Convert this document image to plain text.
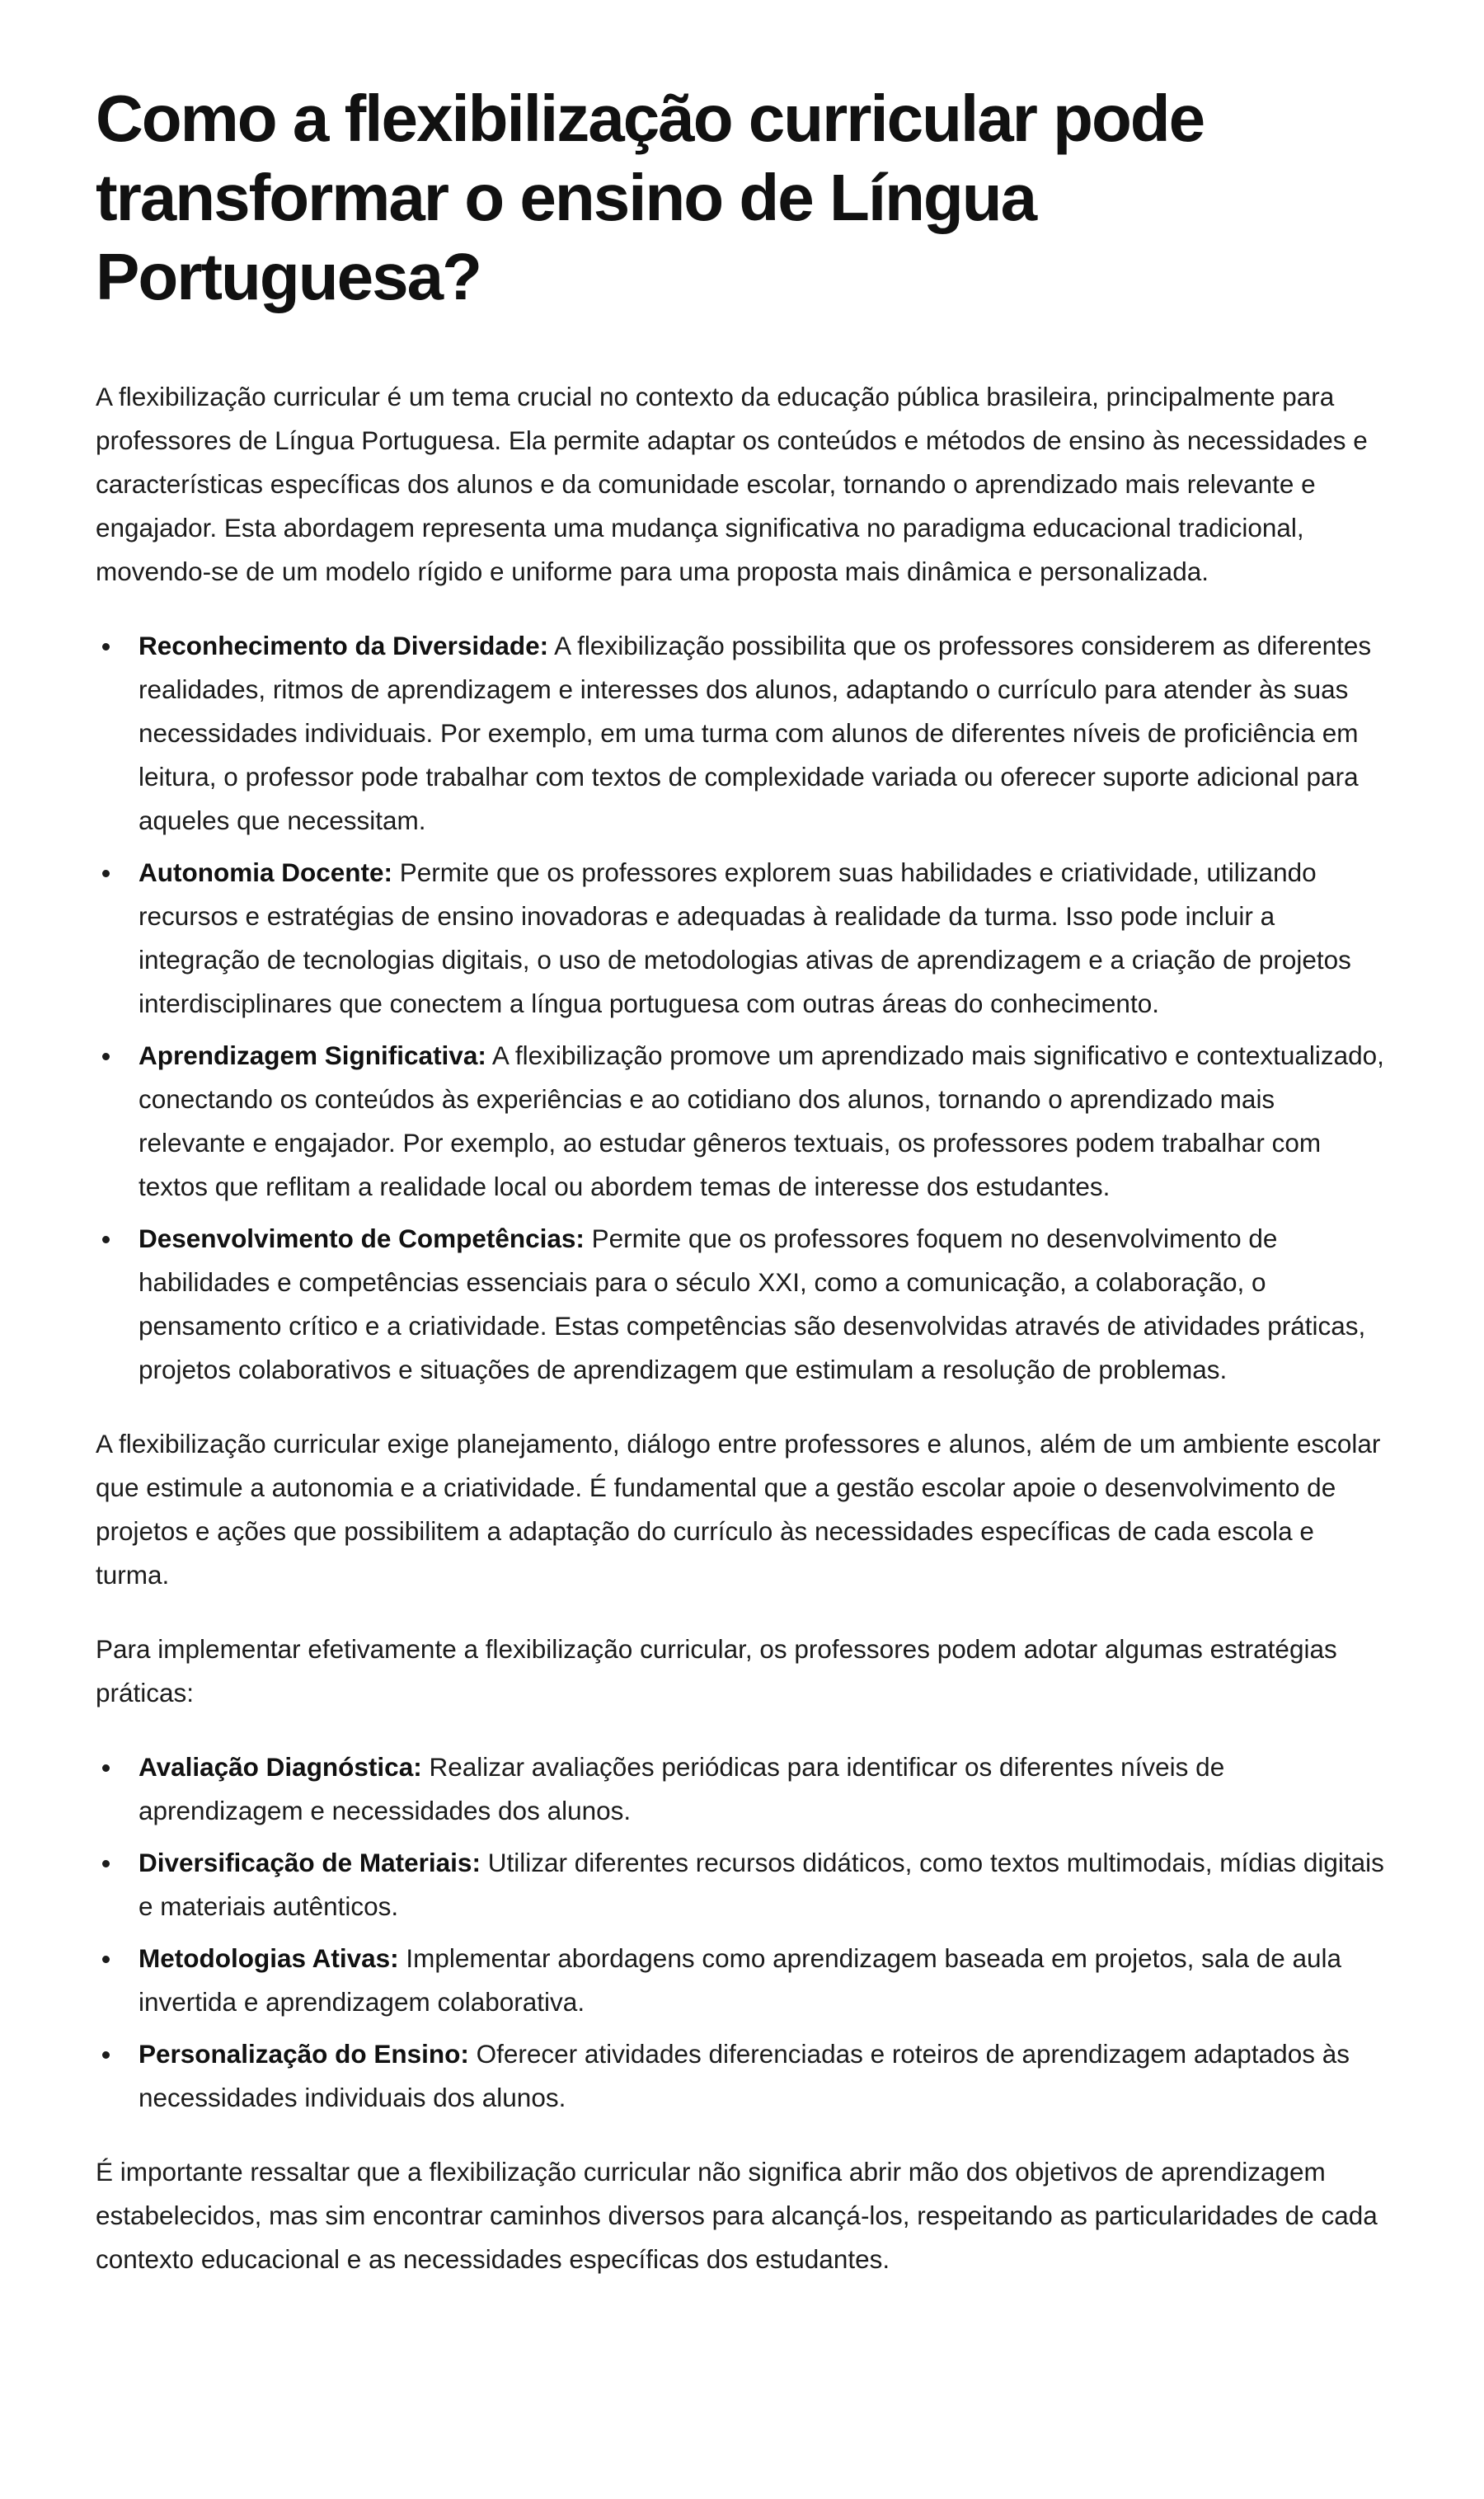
Como a flexibilização curricular pode transformar o ensino de Língua Portuguesa?

A flexibilização curricular é um tema crucial no contexto da educação pública brasileira, principalmente para professores de Língua Portuguesa. Ela permite adaptar os conteúdos e métodos de ensino às necessidades e características específicas dos alunos e da comunidade escolar, tornando o aprendizado mais relevante e engajador. Esta abordagem representa uma mudança significativa no paradigma educacional tradicional, movendo-se de um modelo rígido e uniforme para uma proposta mais dinâmica e personalizada.

Reconhecimento da Diversidade: A flexibilização possibilita que os professores considerem as diferentes realidades, ritmos de aprendizagem e interesses dos alunos, adaptando o currículo para atender às suas necessidades individuais. Por exemplo, em uma turma com alunos de diferentes níveis de proficiência em leitura, o professor pode trabalhar com textos de complexidade variada ou oferecer suporte adicional para aqueles que necessitam.
Autonomia Docente: Permite que os professores explorem suas habilidades e criatividade, utilizando recursos e estratégias de ensino inovadoras e adequadas à realidade da turma. Isso pode incluir a integração de tecnologias digitais, o uso de metodologias ativas de aprendizagem e a criação de projetos interdisciplinares que conectem a língua portuguesa com outras áreas do conhecimento.
Aprendizagem Significativa: A flexibilização promove um aprendizado mais significativo e contextualizado, conectando os conteúdos às experiências e ao cotidiano dos alunos, tornando o aprendizado mais relevante e engajador. Por exemplo, ao estudar gêneros textuais, os professores podem trabalhar com textos que reflitam a realidade local ou abordem temas de interesse dos estudantes.
Desenvolvimento de Competências: Permite que os professores foquem no desenvolvimento de habilidades e competências essenciais para o século XXI, como a comunicação, a colaboração, o pensamento crítico e a criatividade. Estas competências são desenvolvidas através de atividades práticas, projetos colaborativos e situações de aprendizagem que estimulam a resolução de problemas.

A flexibilização curricular exige planejamento, diálogo entre professores e alunos, além de um ambiente escolar que estimule a autonomia e a criatividade. É fundamental que a gestão escolar apoie o desenvolvimento de projetos e ações que possibilitem a adaptação do currículo às necessidades específicas de cada escola e turma.

Para implementar efetivamente a flexibilização curricular, os professores podem adotar algumas estratégias práticas:

Avaliação Diagnóstica: Realizar avaliações periódicas para identificar os diferentes níveis de aprendizagem e necessidades dos alunos.
Diversificação de Materiais: Utilizar diferentes recursos didáticos, como textos multimodais, mídias digitais e materiais autênticos.
Metodologias Ativas: Implementar abordagens como aprendizagem baseada em projetos, sala de aula invertida e aprendizagem colaborativa.
Personalização do Ensino: Oferecer atividades diferenciadas e roteiros de aprendizagem adaptados às necessidades individuais dos alunos.

É importante ressaltar que a flexibilização curricular não significa abrir mão dos objetivos de aprendizagem estabelecidos, mas sim encontrar caminhos diversos para alcançá-los, respeitando as particularidades de cada contexto educacional e as necessidades específicas dos estudantes.
